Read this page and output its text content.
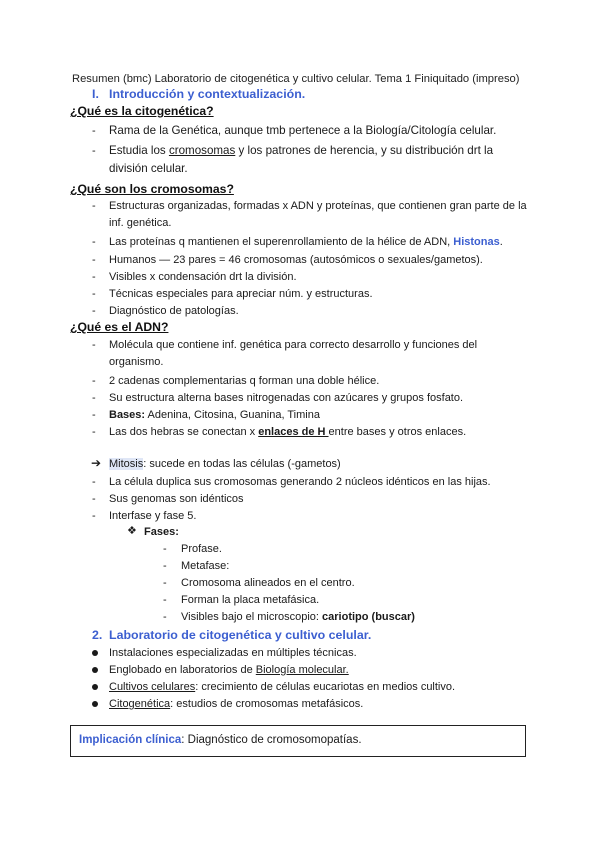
Resumen (bmc) Laboratorio de citogenética y cultivo celular. Tema 1 Finiquitado (impreso)
I. Introducción y contextualización.
¿Qué es la citogenética?
- Rama de la Genética, aunque tmb pertenece a la Biología/Citología celular.
- Estudia los cromosomas y los patrones de herencia, y su distribución drt la
división celular.
¿Qué son los cromosomas?
- Estructuras organizadas, formadas x ADN y proteínas, que contienen gran parte de la
inf. genética.
- Las proteínas q mantienen el superenrollamiento de la hélice de ADN, Histonas.
- Humanos — 23 pares = 46 cromosomas (autosómicos o sexuales/gametos).
- Visibles x condensación drt la división.
- Técnicas especiales para apreciar núm. y estructuras.
- Diagnóstico de patologías.
¿Qué es el ADN?
- Molécula que contiene inf. genética para correcto desarrollo y funciones del
organismo.
- 2 cadenas complementarias q forman una doble hélice.
- Su estructura alterna bases nitrogenadas con azúcares y grupos fosfato.
- Bases: Adenina, Citosina, Guanina, Timina
- Las dos hebras se conectan x enlaces de H entre bases y otros enlaces.
➔ Mitosis: sucede en todas las células (-gametos)
- La célula duplica sus cromosomas generando 2 núcleos idénticos en las hijas.
- Sus genomas son idénticos
- Interfase y fase 5.
❖ Fases:
- Profase.
- Metafase:
- Cromosoma alineados en el centro.
- Forman la placa metafásica.
- Visibles bajo el microscopio: cariotipo (buscar)
2. Laboratorio de citogenética y cultivo celular.
Instalaciones especializadas en múltiples técnicas.
Englobado en laboratorios de Biología molecular.
Cultivos celulares: crecimiento de células eucariotas en medios cultivo.
Citogenética: estudios de cromosomas metafásicos.
Implicación clínica: Diagnóstico de cromosomopatías.
